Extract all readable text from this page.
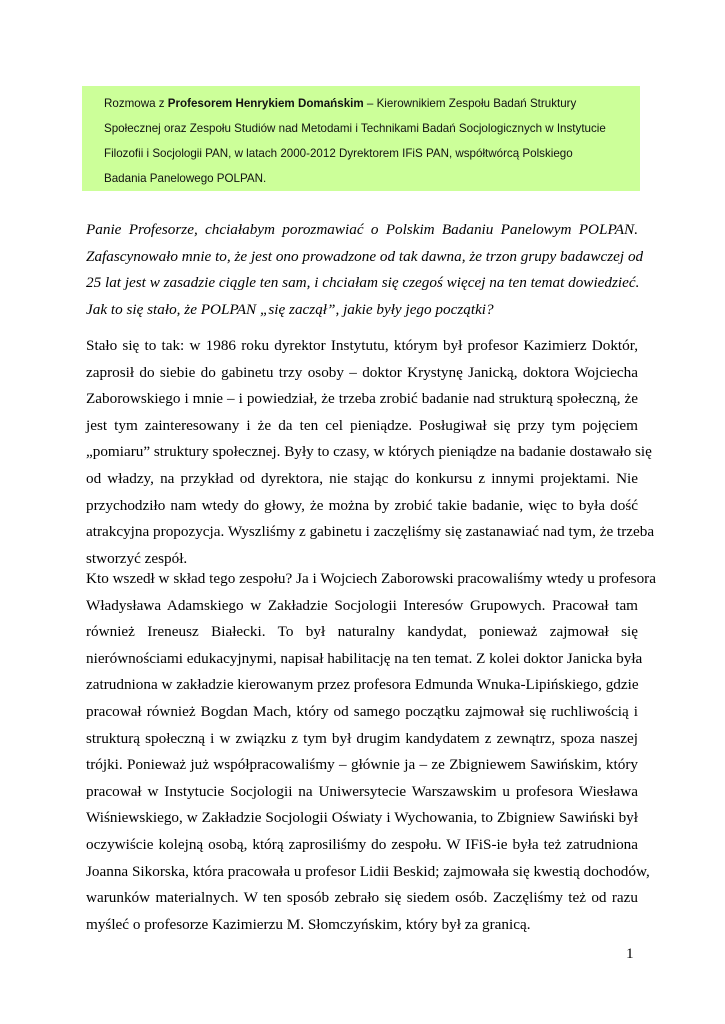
Rozmowa z Profesorem Henrykiem Domańskim – Kierownikiem Zespołu Badań Struktury
Społecznej oraz Zespołu Studiów nad Metodami i Technikami Badań Socjologicznych w Instytucie
Filozofii i Socjologii PAN, w latach 2000-2012 Dyrektorem IFiS PAN, współtwórcą Polskiego
Badania Panelowego POLPAN.
Panie Profesorze, chciałabym porozmawiać o Polskim Badaniu Panelowym POLPAN.
Zafascynowało mnie to, że jest ono prowadzone od tak dawna, że trzon grupy badawczej od
25 lat jest w zasadzie ciągle ten sam, i chciałam się czegoś więcej na ten temat dowiedzieć.
Jak to się stało, że POLPAN „się zaczął”, jakie były jego początki?
Stało się to tak: w 1986 roku dyrektor Instytutu, którym był profesor Kazimierz Doktór,
zaprosił do siebie do gabinetu trzy osoby – doktor Krystynę Janicką, doktora Wojciecha
Zaborowskiego i mnie – i powiedział, że trzeba zrobić badanie nad strukturą społeczną, że
jest tym zainteresowany i że da ten cel pieniądze. Posługiwał się przy tym pojęciem
„pomiaru” struktury społecznej. Były to czasy, w których pieniądze na badanie dostawało się
od władzy, na przykład od dyrektora, nie stając do konkursu z innymi projektami. Nie
przychodziło nam wtedy do głowy, że można by zrobić takie badanie, więc to była dość
atrakcyjna propozycja. Wyszliśmy z gabinetu i zaczęliśmy się zastanawiać nad tym, że trzeba
stworzyć zespół.
Kto wszedł w skład tego zespołu? Ja i Wojciech Zaborowski pracowaliśmy wtedy u profesora
Władysława Adamskiego w Zakładzie Socjologii Interesów Grupowych. Pracował tam
również Ireneusz Białecki. To był naturalny kandydat, ponieważ zajmował się
nierównościami edukacyjnymi, napisał habilitację na ten temat. Z kolei doktor Janicka była
zatrudniona w zakładzie kierowanym przez profesora Edmunda Wnuka-Lipińskiego, gdzie
pracował również Bogdan Mach, który od samego początku zajmował się ruchliwością i
strukturą społeczną i w związku z tym był drugim kandydatem z zewnątrz, spoza naszej
trójki. Ponieważ już współpracowaliśmy – głównie ja – ze Zbigniewem Sawińskim, który
pracował w Instytucie Socjologii na Uniwersytecie Warszawskim u profesora Wiesława
Wiśniewskiego, w Zakładzie Socjologii Oświaty i Wychowania, to Zbigniew Sawiński był
oczywiście kolejną osobą, którą zaprosiliśmy do zespołu. W IFiS-ie była też zatrudniona
Joanna Sikorska, która pracowała u profesor Lidii Beskid; zajmowała się kwestią dochodów,
warunków materialnych. W ten sposób zebrało się siedem osób. Zaczęliśmy też od razu
myśleć o profesorze Kazimierzu M. Słomczyńskim, który był za granicą.
1
